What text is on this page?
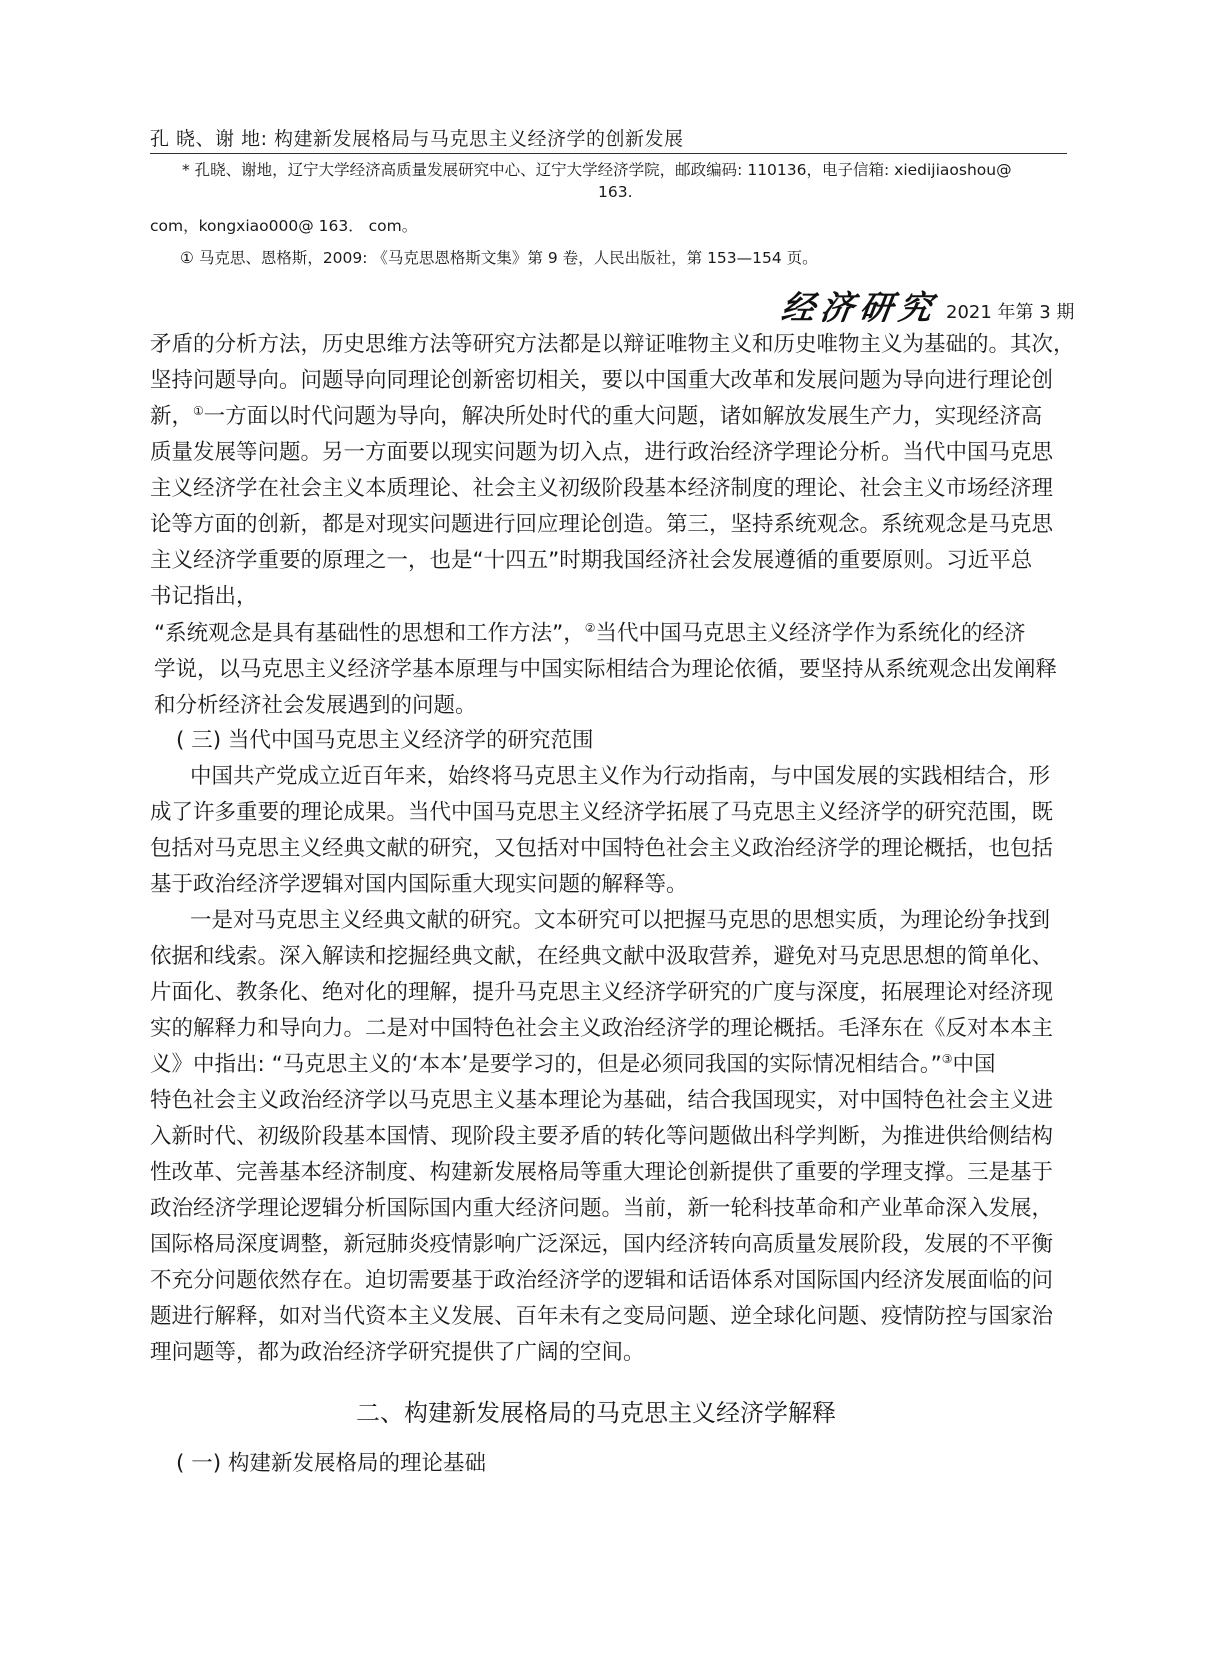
孔 晓、谢 地: 构建新发展格局与马克思主义经济学的创新发展
* 孔晓、谢地，辽宁大学经济高质量发展研究中心、辽宁大学经济学院，邮政编码: 110136，电子信箱: xiedijiaoshou@
163.
com，kongxiao000@ 163． com。
① 马克思、恩格斯，2009: 《马克思恩格斯文集》第 9 卷，人民出版社，第 153—154 页。
经济研究 2021 年第 3 期
矛盾的分析方法，历史思维方法等研究方法都是以辩证唯物主义和历史唯物主义为基础的。其次，
坚持问题导向。问题导向同理论创新密切相关，要以中国重大改革和发展问题为导向进行理论创
新，①一方面以时代问题为导向，解决所处时代的重大问题，诸如解放发展生产力，实现经济高
质量发展等问题。另一方面要以现实问题为切入点，进行政治经济学理论分析。当代中国马克思
主义经济学在社会主义本质理论、社会主义初级阶段基本经济制度的理论、社会主义市场经济理
论等方面的创新，都是对现实问题进行回应理论创造。第三，坚持系统观念。系统观念是马克思
主义经济学重要的原理之一，也是“十四五”时期我国经济社会发展遵循的重要原则。习近平总
书记指出，
“系统观念是具有基础性的思想和工作方法”，②当代中国马克思主义经济学作为系统化的经济
学说，以马克思主义经济学基本原理与中国实际相结合为理论依循，要坚持从系统观念出发阐释
和分析经济社会发展遇到的问题。
( 三) 当代中国马克思主义经济学的研究范围
中国共产党成立近百年来，始终将马克思主义作为行动指南，与中国发展的实践相结合，形
成了许多重要的理论成果。当代中国马克思主义经济学拓展了马克思主义经济学的研究范围，既
包括对马克思主义经典文献的研究，又包括对中国特色社会主义政治经济学的理论概括，也包括
基于政治经济学逻辑对国内国际重大现实问题的解释等。
一是对马克思主义经典文献的研究。文本研究可以把握马克思的思想实质，为理论纷争找到
依据和线索。深入解读和挖掘经典文献，在经典文献中汲取营养，避免对马克思思想的简单化、
片面化、教条化、绝对化的理解，提升马克思主义经济学研究的广度与深度，拓展理论对经济现
实的解释力和导向力。二是对中国特色社会主义政治经济学的理论概括。毛泽东在《反对本本主
义》中指出: “马克思主义的‘本本’是要学习的，但是必须同我国的实际情况相结合。”③中国
特色社会主义政治经济学以马克思主义基本理论为基础，结合我国现实，对中国特色社会主义进
入新时代、初级阶段基本国情、现阶段主要矛盾的转化等问题做出科学判断，为推进供给侧结构
性改革、完善基本经济制度、构建新发展格局等重大理论创新提供了重要的学理支撑。三是基于
政治经济学理论逻辑分析国际国内重大经济问题。当前，新一轮科技革命和产业革命深入发展，
国际格局深度调整，新冠肺炎疫情影响广泛深远，国内经济转向高质量发展阶段，发展的不平衡
不充分问题依然存在。迫切需要基于政治经济学的逻辑和话语体系对国际国内经济发展面临的问
题进行解释，如对当代资本主义发展、百年未有之变局问题、逆全球化问题、疫情防控与国家治
理问题等，都为政治经济学研究提供了广阔的空间。
二、构建新发展格局的马克思主义经济学解释
( 一) 构建新发展格局的理论基础
